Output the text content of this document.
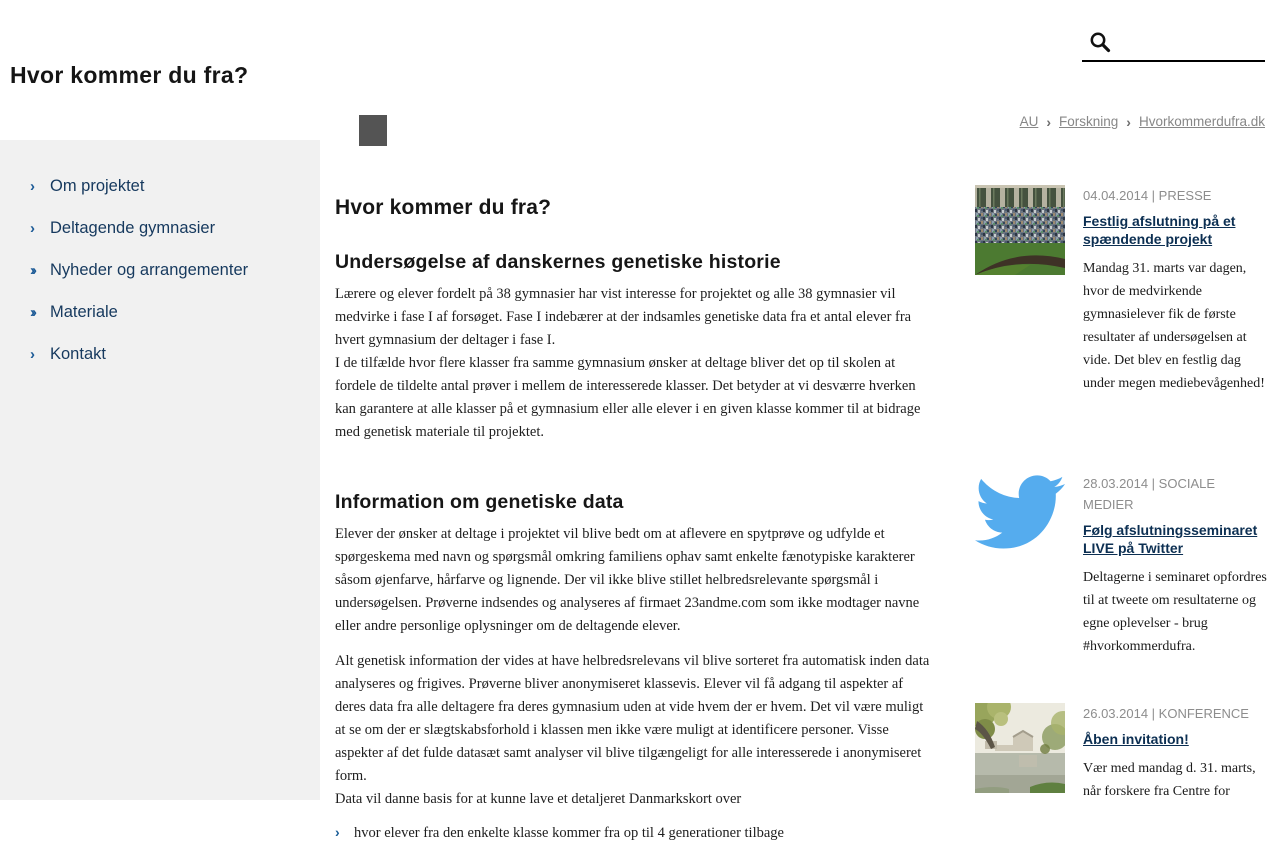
Hvor kommer du fra?
AU › Forskning › Hvorkommerdufra.dk
›	Om projektet
›	Deltagende gymnasier
›› Nyheder og arrangementer
›› Materiale
›	Kontakt
Hvor kommer du fra?
Undersøgelse af danskernes genetiske historie

Lærere og elever fordelt på 38 gymnasier har vist interesse for projektet og alle 38 gymnasier vil medvirke i fase I af forsøget. Fase I indebærer at der indsamles genetiske data fra et antal elever fra hvert gymnasium der deltager i fase I.

I de tilfælde hvor flere klasser fra samme gymnasium ønsker at deltage bliver det op til skolen at fordele de tildelte antal prøver i mellem de interesserede klasser. Det betyder at vi desværre hverken kan garantere at alle klasser på et gymnasium eller alle elever i en given klasse kommer til at bidrage med genetisk materiale til projektet.

Information om genetiske data

Elever der ønsker at deltage i projektet vil blive bedt om at aflevere en spytprøve og udfylde et spørgeskema med navn og spørgsmål omkring familiens ophav samt enkelte fænotypiske karakterer såsom øjenfarve, hårfarve og lignende. Der vil ikke blive stillet helbredsrelevante spørgsmål i undersøgelsen. Prøverne indsendes og analyseres af firmaet 23andme.com som ikke modtager navne eller andre personlige oplysninger om de deltagende elever.

Alt genetisk information der vides at have helbredsrelevans vil blive sorteret fra automatisk inden data analyseres og frigives. Prøverne bliver anonymiseret klassevis. Elever vil få adgang til aspekter af deres data fra alle deltagere fra deres gymnasium uden at vide hvem der er hvem. Det vil være muligt at se om der er slægtskabsforhold i klassen men ikke være muligt at identificere personer. Visse aspekter af det fulde datasæt samt analyser vil blive tilgængeligt for alle interesserede i anonymiseret form.

Data vil danne basis for at kunne lave et detaljeret Danmarkskort over

› hvor elever fra den enkelte klasse kommer fra op til 4 generationer tilbage
04.04.2014 | PRESSE
Festlig afslutning på et spændende projekt
Mandag 31. marts var dagen, hvor de medvirkende gymnasielever fik de første resultater af undersøgelsen at vide. Det blev en festlig dag under megen mediebevågenhed!
28.03.2014 | SOCIALE MEDIER
Følg afslutningsseminaret LIVE på Twitter
Deltagerne i seminaret opfordres til at tweete om resultaterne og egne oplevelser - brug #hvorkommerdufra.
26.03.2014 | KONFERENCE
Åben invitation!
Vær med mandag d. 31. marts, når forskere fra Centre for
